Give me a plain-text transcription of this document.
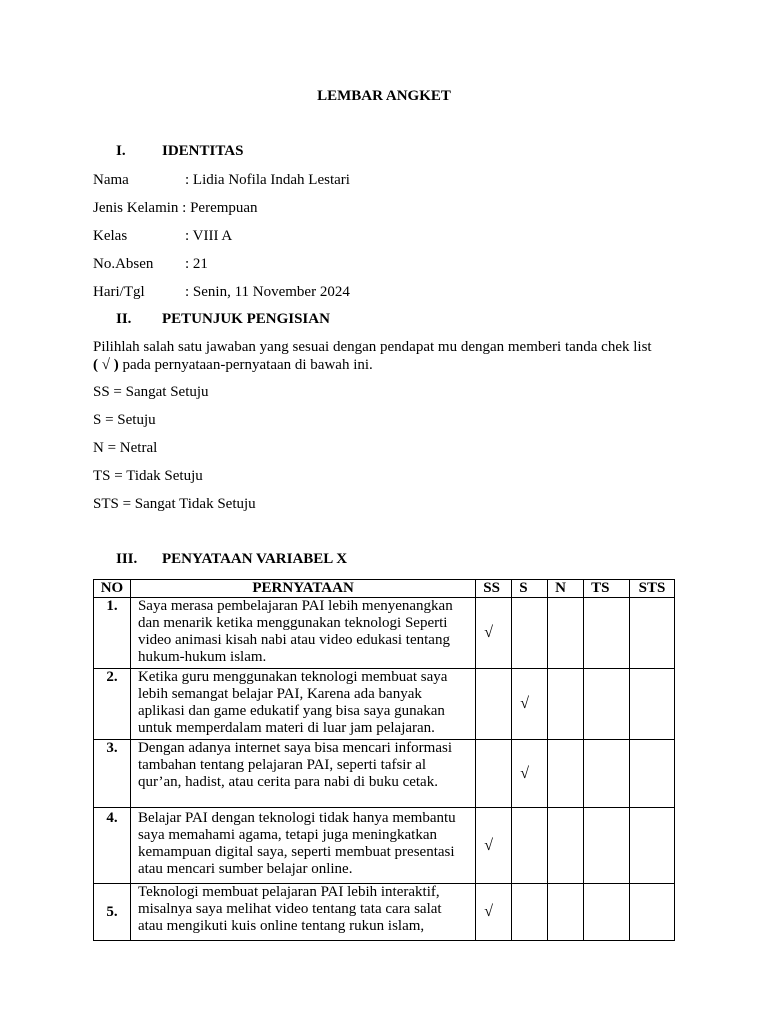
LEMBAR ANGKET
I. IDENTITAS
Nama	: Lidia Nofila Indah Lestari
Jenis Kelamin : Perempuan
Kelas	: VIII A
No.Absen : 21
Hari/Tgl	: Senin, 11 November 2024
II. PETUNJUK PENGISIAN
Pilihlah salah satu jawaban yang sesuai dengan pendapat mu dengan memberi tanda chek list
( √ ) pada pernyataan-pernyataan di bawah ini.
SS = Sangat Setuju
S = Setuju
N = Netral
TS = Tidak Setuju
STS = Sangat Tidak Setuju
III. PENYATAAN VARIABEL X
NO	PERNYATAAN	SS	S	N	TS	STS
1.	Saya merasa pembelajaran PAI lebih menyenangkan
dan menarik ketika menggunakan teknologi Seperti
video animasi kisah nabi atau video edukasi tentang
hukum-hukum islam.	√				
2.	Ketika guru menggunakan teknologi membuat saya
lebih semangat belajar PAI, Karena ada banyak
aplikasi dan game edukatif yang bisa saya gunakan
untuk memperdalam materi di luar jam pelajaran.		√			
3.	Dengan adanya internet saya bisa mencari informasi
tambahan tentang pelajaran PAI, seperti tafsir al
qur’an, hadist, atau cerita para nabi di buku cetak.		√			
4.	Belajar PAI dengan teknologi tidak hanya membantu
saya memahami agama, tetapi juga meningkatkan
kemampuan digital saya, seperti membuat presentasi
atau mencari sumber belajar online.	√				
5.	Teknologi membuat pelajaran PAI lebih interaktif,
misalnya saya melihat video tentang tata cara salat
atau mengikuti kuis online tentang rukun islam,	√				
